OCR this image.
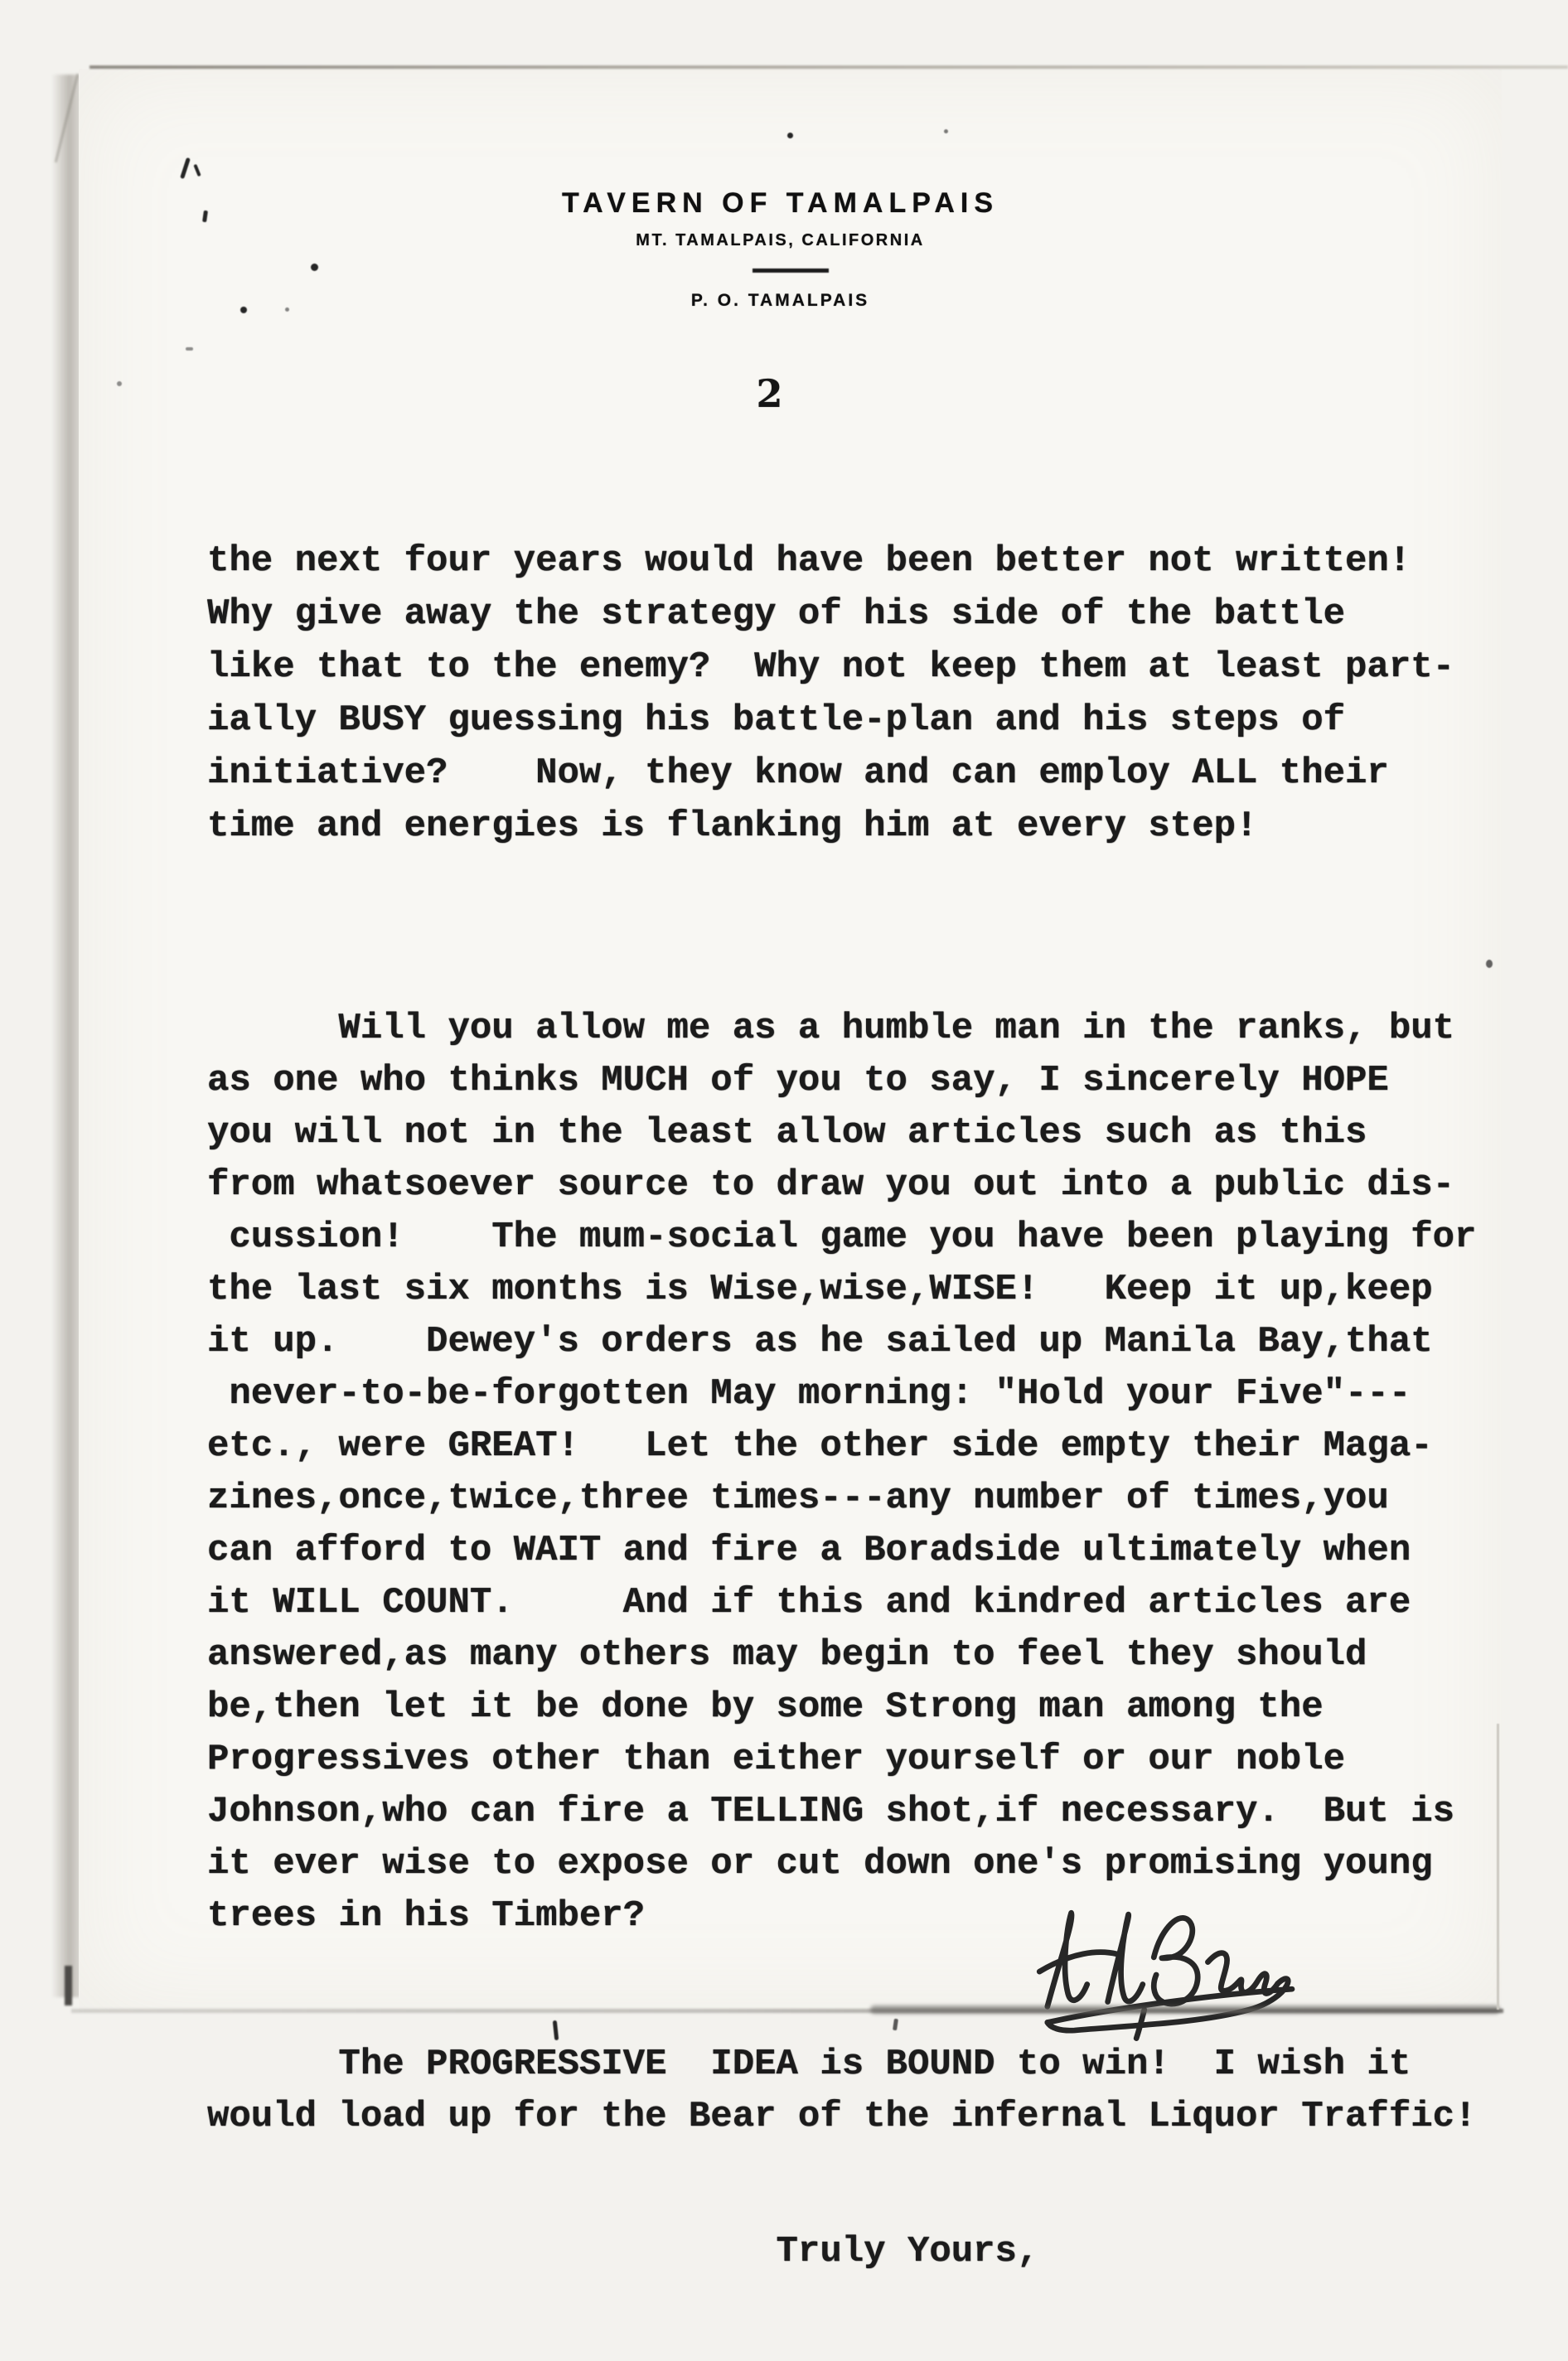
TAVERN OF TAMALPAIS
MT. TAMALPAIS, CALIFORNIA
P. O. TAMALPAIS
2

the next four years would have been better not written!
Why give away the strategy of his side of the battle
like that to the enemy?  Why not keep them at least part-
ially BUSY guessing his battle-plan and his steps of
initiative?    Now, they know and can employ ALL their
time and energies is flanking him at every step!

Will you allow me as a humble man in the ranks, but
as one who thinks MUCH of you to say, I sincerely HOPE
you will not in the least allow articles such as this
from whatsoever source to draw you out into a public dis-
cussion!    The mum-social game you have been playing for
the last six months is Wise,wise,WISE!   Keep it up,keep
it up.    Dewey's orders as he sailed up Manila Bay,that
never-to-be-forgotten May morning: "Hold your Five"---
etc., were GREAT!   Let the other side empty their Maga-
zines,once,twice,three times---any number of times,you
can afford to WAIT and fire a Boradside ultimately when
it WILL COUNT.     And if this and kindred articles are
answered,as many others may begin to feel they should
be,then let it be done by some Strong man among the
Progressives other than either yourself or our noble
Johnson,who can fire a TELLING shot,if necessary.  But is
it ever wise to expose or cut down one's promising young
trees in his Timber?

The PROGRESSIVE  IDEA is BOUND to win!  I wish it
would load up for the Bear of the infernal Liquor Traffic!

Truly Yours,
